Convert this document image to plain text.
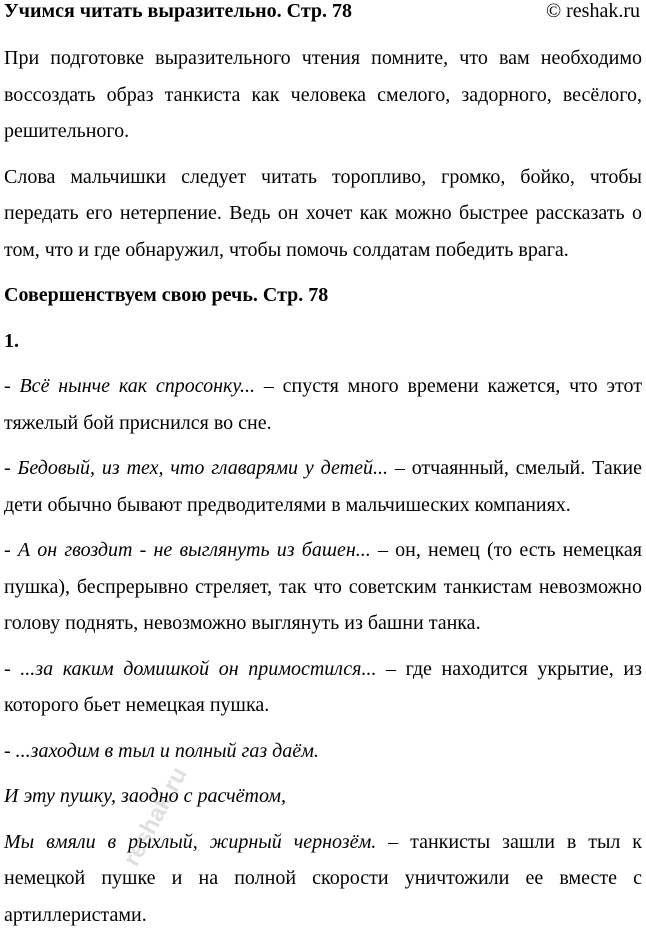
Учимся читать выразительно. Стр. 78	© reshak.ru

При подготовке выразительного чтения помните, что вам необходимо воссоздать образ танкиста как человека смелого, задорного, весёлого, решительного.

Слова мальчишки следует читать торопливо, громко, бойко, чтобы передать его нетерпение. Ведь он хочет как можно быстрее рассказать о том, что и где обнаружил, чтобы помочь солдатам победить врага.

Совершенствуем свою речь. Стр. 78

1.

- Всё нынче как спросонку... – спустя много времени кажется, что этот тяжелый бой приснился во сне.

- Бедовый, из тех, что главарями у детей... – отчаянный, смелый. Такие дети обычно бывают предводителями в мальчишеских компаниях.

- А он гвоздит - не выглянуть из башен... – он, немец (то есть немецкая пушка), беспрерывно стреляет, так что советским танкистам невозможно голову поднять, невозможно выглянуть из башни танка.

- ...за каким домишкой он примостился... – где находится укрытие, из которого бьет немецкая пушка.

- ...заходим в тыл и полный газ даём.

И эту пушку, заодно с расчётом,

Мы вмяли в рыхлый, жирный чернозём. – танкисты зашли в тыл к немецкой пушке и на полной скорости уничтожили ее вместе с артиллеристами.

reshak.ru
